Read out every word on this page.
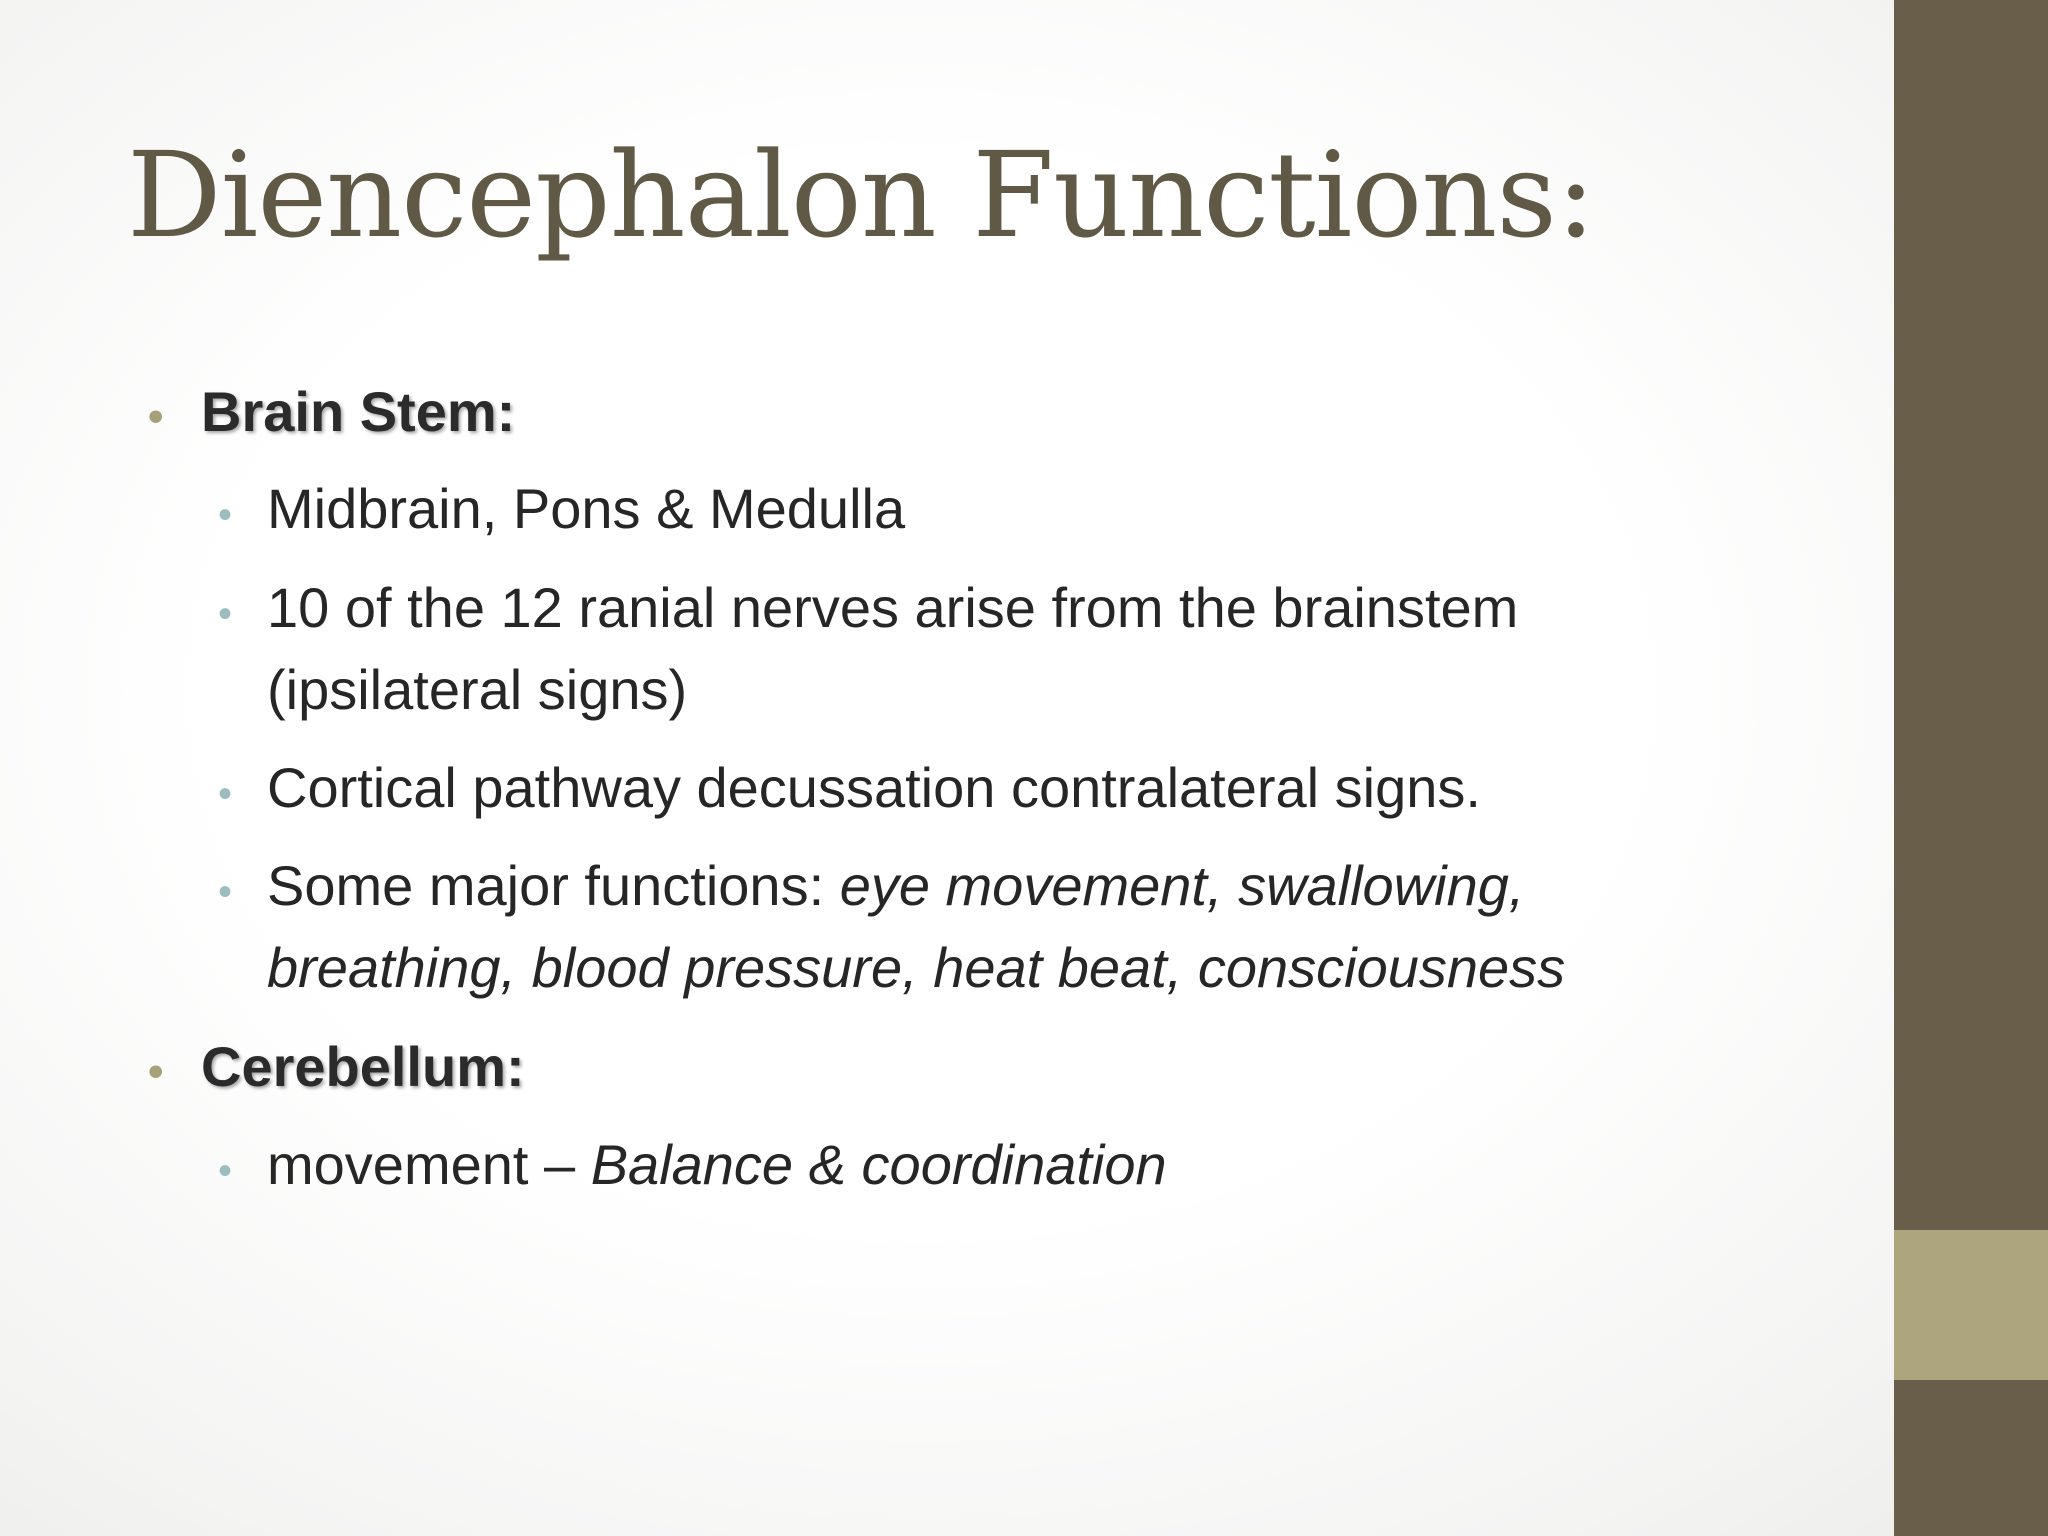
Diencephalon Functions:
• Brain Stem:
• Midbrain, Pons & Medulla
• 10 of the 12 ranial nerves arise from the brainstem (ipsilateral signs)
• Cortical pathway decussation contralateral signs.
• Some major functions: eye movement, swallowing, breathing, blood pressure, heat beat, consciousness
• Cerebellum:
• movement – Balance & coordination
